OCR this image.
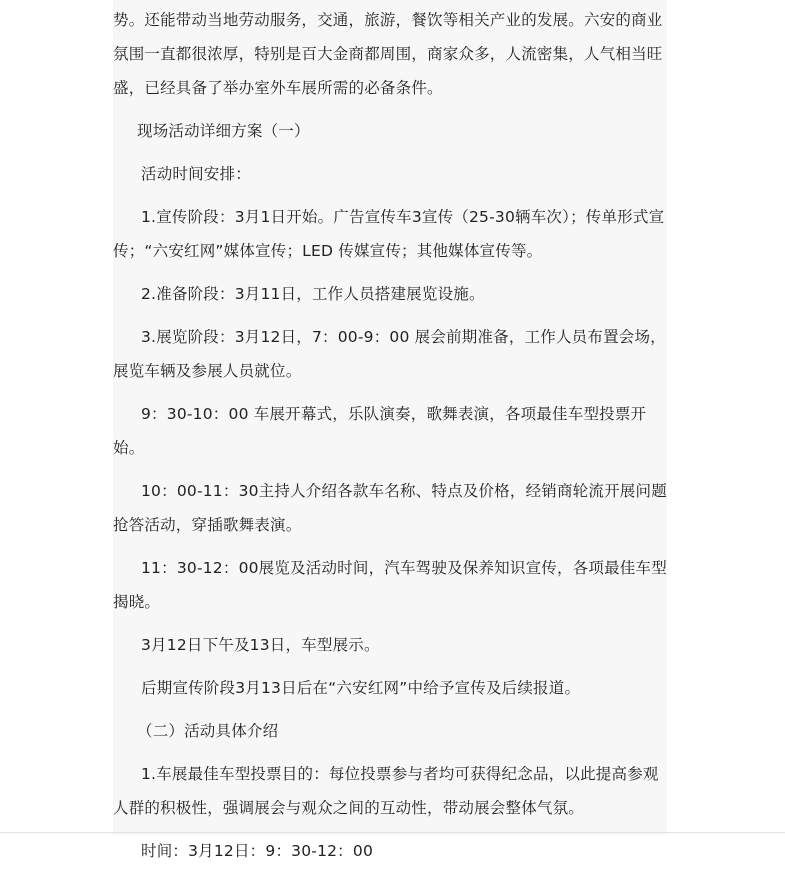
势。还能带动当地劳动服务，交通，旅游，餐饮等相关产业的发展。六安的商业氛围一直都很浓厚，特别是百大金商都周围，商家众多，人流密集，人气相当旺盛，已经具备了举办室外车展所需的必备条件。

现场活动详细方案（一）

活动时间安排：

1.宣传阶段：3月1日开始。广告宣传车3宣传（25-30辆车次）；传单形式宣传；“六安红网”媒体宣传；LED 传媒宣传；其他媒体宣传等。

2.准备阶段：3月11日，工作人员搭建展览设施。

3.展览阶段：3月12日，7：00-9：00 展会前期准备，工作人员布置会场，展览车辆及参展人员就位。

9：30-10：00 车展开幕式，乐队演奏，歌舞表演，各项最佳车型投票开始。

10：00-11：30主持人介绍各款车名称、特点及价格，经销商轮流开展问题抢答活动，穿插歌舞表演。

11：30-12：00展览及活动时间，汽车驾驶及保养知识宣传，各项最佳车型揭晓。

3月12日下午及13日，车型展示。

后期宣传阶段3月13日后在“六安红网”中给予宣传及后续报道。

（二）活动具体介绍

1.车展最佳车型投票目的：每位投票参与者均可获得纪念品，以此提高参观人群的积极性，强调展会与观众之间的互动性，带动展会整体气氛。

时间：3月12日：9：30-12：00
